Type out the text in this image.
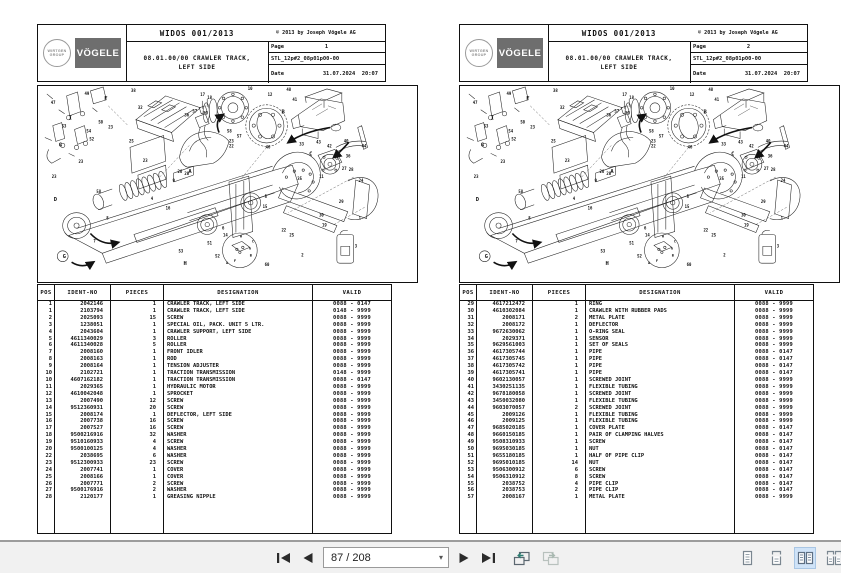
WIRTGEN
GROUP VÖGELE
WIDOS 001/2013	© 2013 by Joseph Vögele AG
08.01.00/00 CRAWLER TRACK,
LEFT SIDE
Page	1
STL_12p#2_08p01p00-00
Date	31.07.2024  20:07
49
47
38
53
50
54
52
23
32
25
23
23
23
58
8
7
9
26 20
4
16
17
18
37
36	39
10
12
48
41
58
57
23
22	46
33
35
5
15
6
14
11
27 28
36
42
43	40
44
24
29
30
19
1
3
2
22
25
60
51
53
52
F
I
G
D
H
B
C
A
G
A
B
C
F
G
H
POS	IDENT-NO	PIECES	DESIGNATION	VALID
1	2042146	1	CRAWLER TRACK, LEFT SIDE	0088 - 0147
1	2103794	1	CRAWLER TRACK, LEFT SIDE	0148 - 9999
2	2025093	15	SCREW	0088 - 9999
3	1238051	1	SPECIAL OIL, PACK. UNIT 5 LTR.	0088 - 9999
4	2043604	1	CRAWLER SUPPORT, LEFT SIDE	0088 - 9999
5	4611340029	3	ROLLER	0088 - 9999
6	4611340028	5	ROLLER	0088 - 9999
7	2008160	1	FRONT IDLER	0088 - 9999
8	2008163	1	ROD	0088 - 9999
9	2008164	1	TENSION ADJUSTER	0088 - 9999
10	2102721	1	TRACTION TRANSMISSION	0148 - 9999
10	4607162182	1	TRACTION TRANSMISSION	0088 - 0147
11	2029365	1	HYDRAULIC MOTOR	0088 - 9999
12	4610042048	1	SPROCKET	0088 - 9999
13	2007490	12	SCREW	0088 - 9999
14	9512360931	20	SCREW	0088 - 9999
15	2008174	1	DEFLECTOR, LEFT SIDE	0088 - 9999
16	2007738	16	SCREW	0088 - 9999
17	2007527	16	SCREW	0088 - 9999
18	9500216916	32	WASHER	0088 - 9999
19	9510160933	4	SCREW	0088 - 9999
20	9500100125	4	WASHER	0088 - 9999
22	2038695	6	WASHER	0088 - 9999
23	9512300933	23	SCREW	0088 - 9999
24	2007741	1	COVER	0088 - 9999
25	2008166	1	COVER	0088 - 9999
26	2007771	2	SCREW	0088 - 9999
27	9500176916	2	WASHER	0088 - 9999
28	2120177	1	GREASING NIPPLE	0088 - 9999

WIRTGEN
GROUP VÖGELE
WIDOS 001/2013	© 2013 by Joseph Vögele AG
08.01.00/00 CRAWLER TRACK,
LEFT SIDE
Page	2
STL_12p#2_08p01p00-00
Date	31.07.2024  20:07
49
47
38
53
50
54
52
23
32
25
23
23
23
58
8
7
9
26 20
4
16
17
18
37
36	39
10
12
48
41
58
57
23
22	46
33
35
5
15
6
14
11
27 28
36
42
43	40
44
24
29
30
19
1
3
2
22
25
60
51
53
52
F
I
G
D
H
B
C
A
G
A
B
C
F
G
H
POS	IDENT-NO	PIECES	DESIGNATION	VALID
29	4617212472	1	RING	0088 - 9999
30	4610302084	1	CRAWLER WITH RUBBER PADS	0088 - 9999
31	2008171	2	METAL PLATE	0088 - 9999
32	2008172	1	DEFLECTOR	0088 - 9999
33	9672630062	1	O-RING SEAL	0088 - 9999
34	2029371	1	SENSOR	0088 - 9999
35	9629561003	1	SET OF SEALS	0088 - 9999
36	4617305744	1	PIPE	0088 - 0147
37	4617305745	1	PIPE	0088 - 0147
38	4617305742	1	PIPE	0088 - 0147
39	4617305741	1	PIPE	0088 - 0147
40	9602130057	1	SCREWED JOINT	0088 - 9999
41	3430251135	1	FLEXIBLE TUBING	0088 - 9999
42	9678180058	1	SCREWED JOINT	0088 - 9999
43	3450032080	1	FLEXIBLE TUBING	0088 - 9999
44	9603070057	2	SCREWED JOINT	0088 - 9999
45	2009126	1	FLEXIBLE TUBING	0088 - 9999
46	2009125	1	FLEXIBLE TUBING	0088 - 9999
47	9685020185	1	COVER PLATE	0088 - 0147
48	9660150185	1	PAIR OF CLAMPING HALVES	0088 - 0147
49	9508310933	1	SCREW	0088 - 0147
50	9695030185	1	NUT	0088 - 0147
51	9655180185	1	HALF OF PIPE CLIP	0088 - 0147
52	9695010185	14	NUT	0088 - 0147
53	9506300912	6	SCREW	0088 - 0147
54	9506310912	8	SCREW	0088 - 0147
55	2038752	4	PIPE CLIP	0088 - 0147
56	2038753	2	PIPE CLIP	0088 - 0147
57	2008167	1	METAL PLATE	0088 - 9999

87 / 208	▾
